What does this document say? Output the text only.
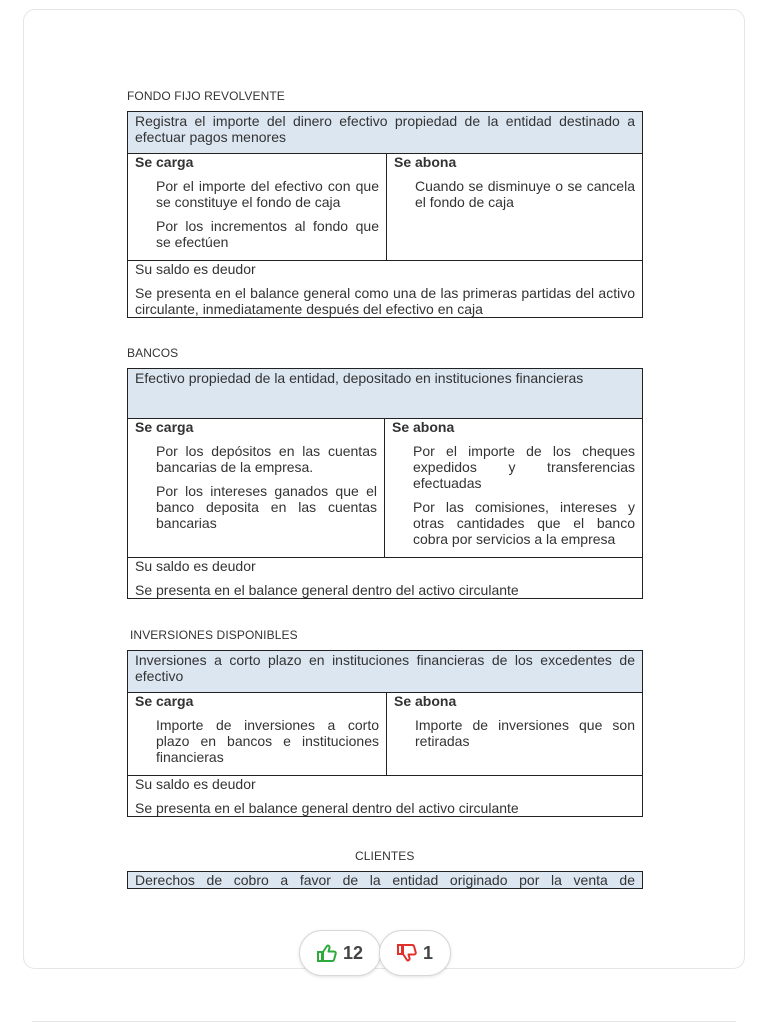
FONDO FIJO REVOLVENTE
Registra el importe del dinero efectivo propiedad de la entidad destinado a efectuar pagos menores

Se carga
Por el importe del efectivo con que se constituye el fondo de caja
Por los incrementos al fondo que se efectúen

Se abona
Cuando se disminuye o se cancela el fondo de caja

Su saldo es deudor
Se presenta en el balance general como una de las primeras partidas del activo circulante, inmediatamente después del efectivo en caja
BANCOS
Efectivo propiedad de la entidad, depositado en instituciones financieras

Se carga
Por los depósitos en las cuentas bancarias de la empresa.
Por los intereses ganados que el banco deposita en las cuentas bancarias

Se abona
Por el importe de los cheques expedidos y transferencias efectuadas
Por las comisiones, intereses y otras cantidades que el banco cobra por servicios a la empresa

Su saldo es deudor
Se presenta en el balance general dentro del activo circulante
INVERSIONES DISPONIBLES
Inversiones a corto plazo en instituciones financieras de los excedentes de efectivo

Se carga
Importe de inversiones a corto plazo en bancos e instituciones financieras

Se abona
Importe de inversiones que son retiradas

Su saldo es deudor
Se presenta en el balance general dentro del activo circulante
CLIENTES
Derechos de cobro a favor de la entidad originado por la venta de
12	1
